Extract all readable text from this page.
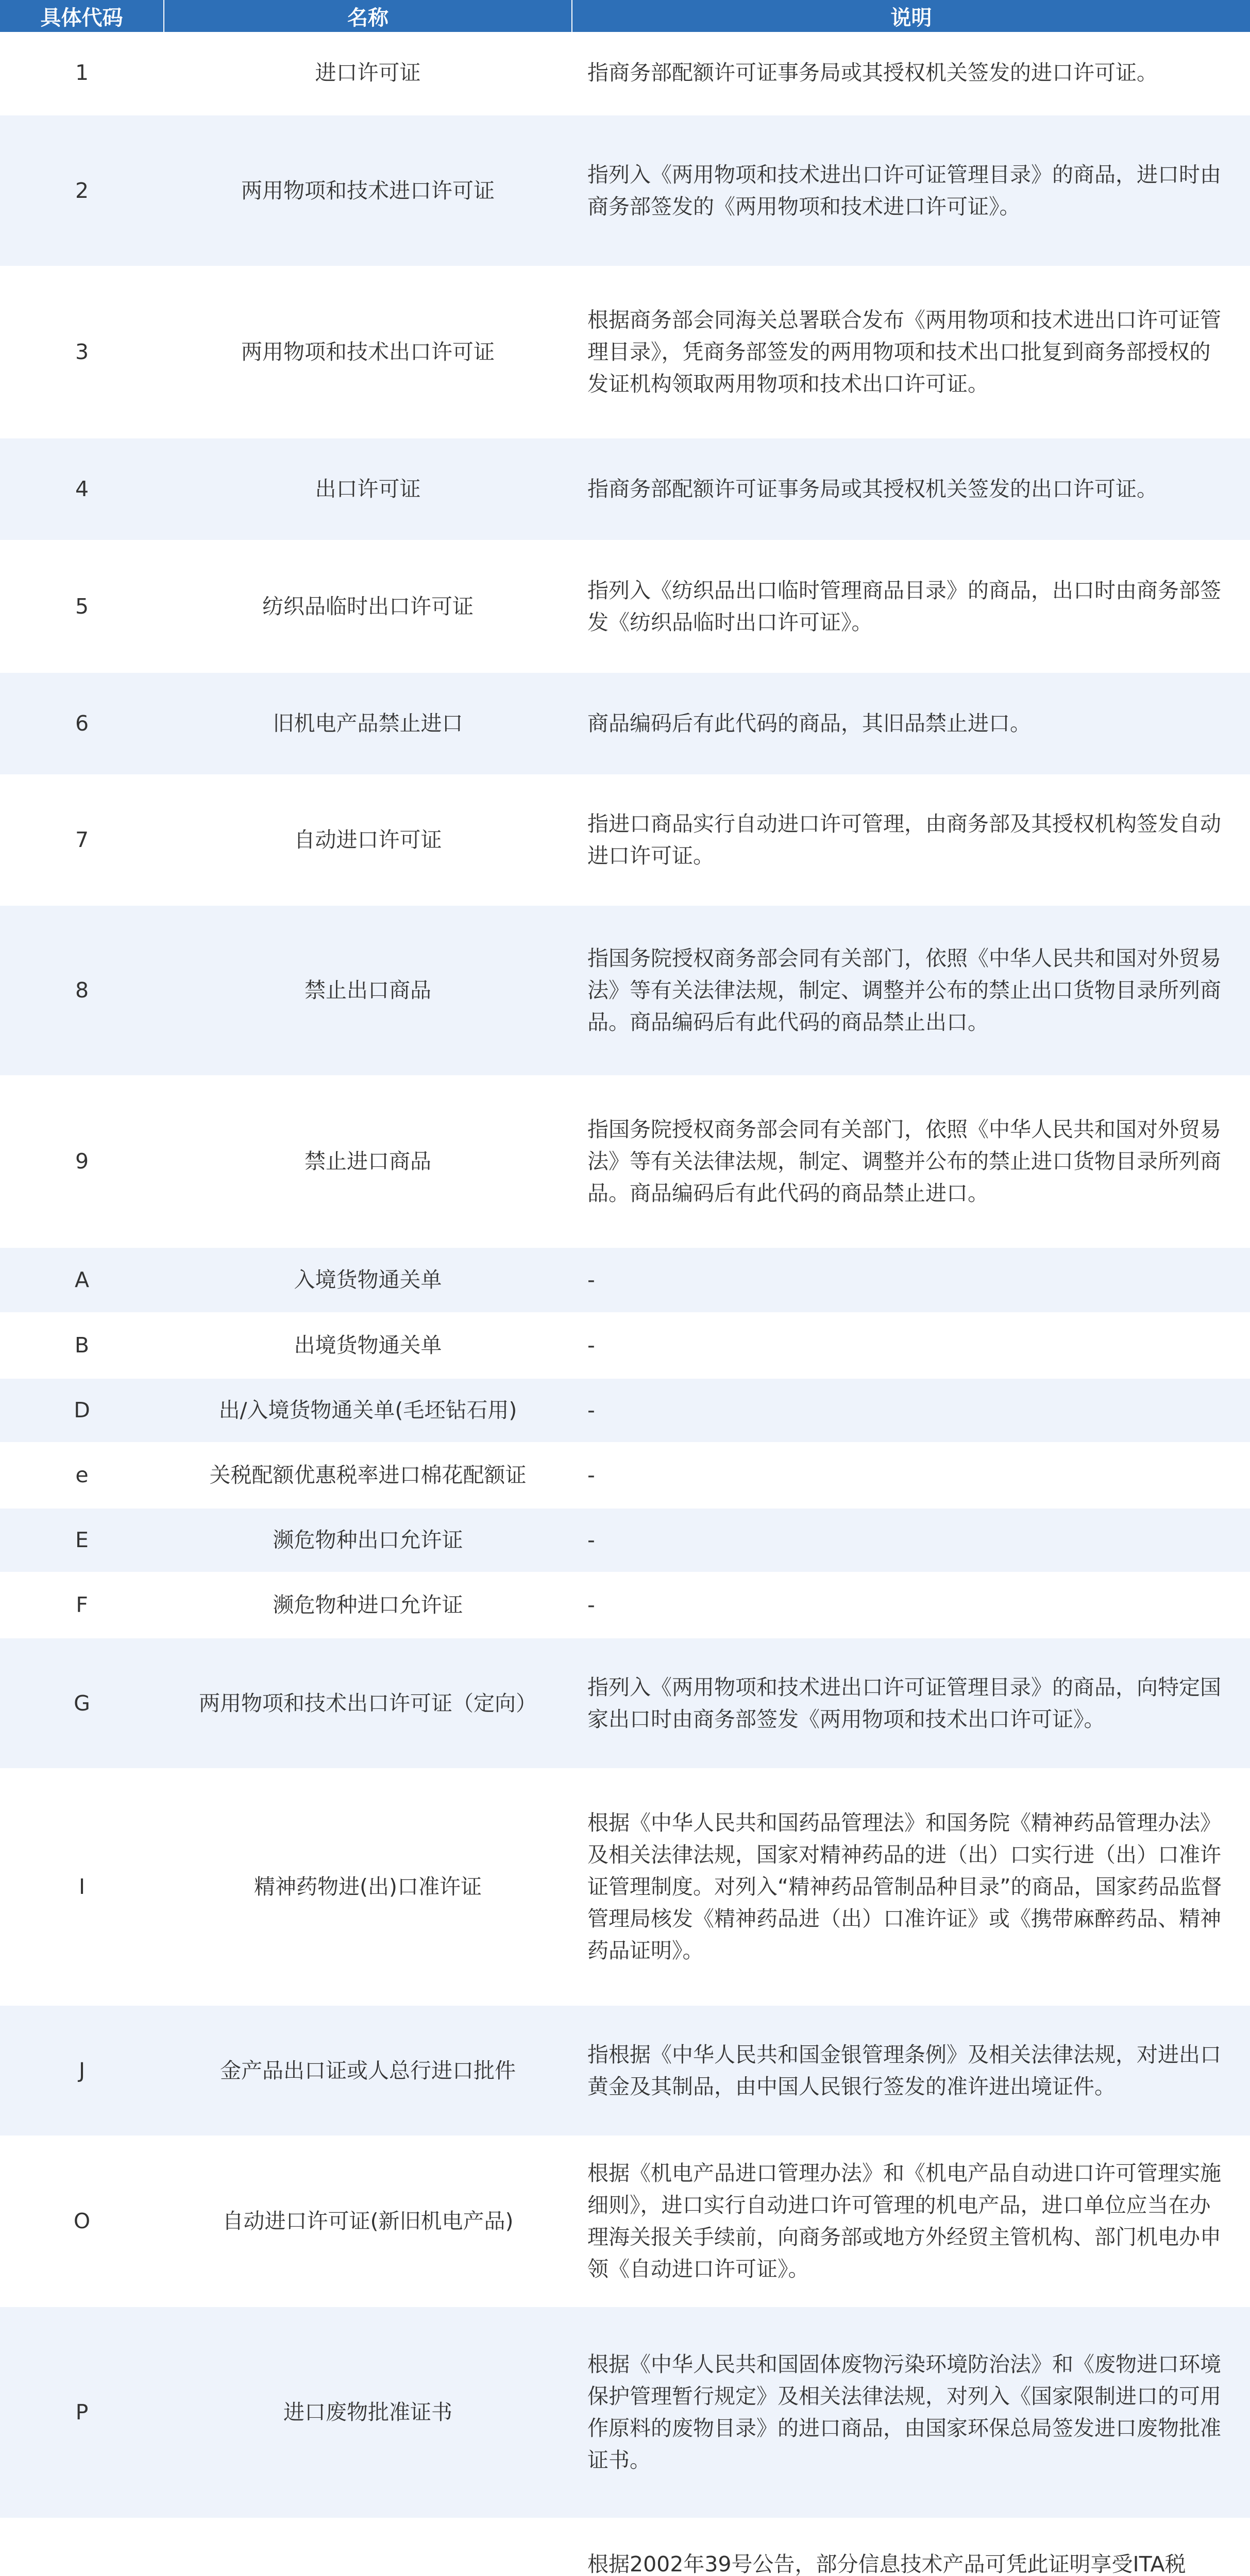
具体代码	名称	说明
1	进口许可证	指商务部配额许可证事务局或其授权机关签发的进口许可证。
2	两用物项和技术进口许可证	指列入《两用物项和技术进出口许可证管理目录》的商品，进口时由商务部签发的《两用物项和技术进口许可证》。
3	两用物项和技术出口许可证	根据商务部会同海关总署联合发布《两用物项和技术进出口许可证管理目录》，凭商务部签发的两用物项和技术出口批复到商务部授权的发证机构领取两用物项和技术出口许可证。
4	出口许可证	指商务部配额许可证事务局或其授权机关签发的出口许可证。
5	纺织品临时出口许可证	指列入《纺织品出口临时管理商品目录》的商品，出口时由商务部签发《纺织品临时出口许可证》。
6	旧机电产品禁止进口	商品编码后有此代码的商品，其旧品禁止进口。
7	自动进口许可证	指进口商品实行自动进口许可管理，由商务部及其授权机构签发自动进口许可证。
8	禁止出口商品	指国务院授权商务部会同有关部门，依照《中华人民共和国对外贸易法》等有关法律法规，制定、调整并公布的禁止出口货物目录所列商品。商品编码后有此代码的商品禁止出口。
9	禁止进口商品	指国务院授权商务部会同有关部门，依照《中华人民共和国对外贸易法》等有关法律法规，制定、调整并公布的禁止进口货物目录所列商品。商品编码后有此代码的商品禁止进口。
A	入境货物通关单	-
B	出境货物通关单	-
D	出/入境货物通关单(毛坯钻石用)	-
e	关税配额优惠税率进口棉花配额证	-
E	濒危物种出口允许证	-
F	濒危物种进口允许证	-
G	两用物项和技术出口许可证（定向）	指列入《两用物项和技术进出口许可证管理目录》的商品，向特定国家出口时由商务部签发《两用物项和技术出口许可证》。
I	精神药物进(出)口准许证	根据《中华人民共和国药品管理法》和国务院《精神药品管理办法》及相关法律法规，国家对精神药品的进（出）口实行进（出）口准许证管理制度。对列入“精神药品管制品种目录”的商品，国家药品监督管理局核发《精神药品进（出）口准许证》或《携带麻醉药品、精神药品证明》。
J	金产品出口证或人总行进口批件	指根据《中华人民共和国金银管理条例》及相关法律法规，对进出口黄金及其制品，由中国人民银行签发的准许进出境证件。
O	自动进口许可证(新旧机电产品)	根据《机电产品进口管理办法》和《机电产品自动进口许可管理实施细则》，进口实行自动进口许可管理的机电产品，进口单位应当在办理海关报关手续前，向商务部或地方外经贸主管机构、部门机电办申领《自动进口许可证》。
P	进口废物批准证书	根据《中华人民共和国固体废物污染环境防治法》和《废物进口环境保护管理暂行规定》及相关法律法规，对列入《国家限制进口的可用作原料的废物目录》的进口商品，由国家环保总局签发进口废物批准证书。
		根据2002年39号公告，部分信息技术产品可凭此证明享受ITA税
